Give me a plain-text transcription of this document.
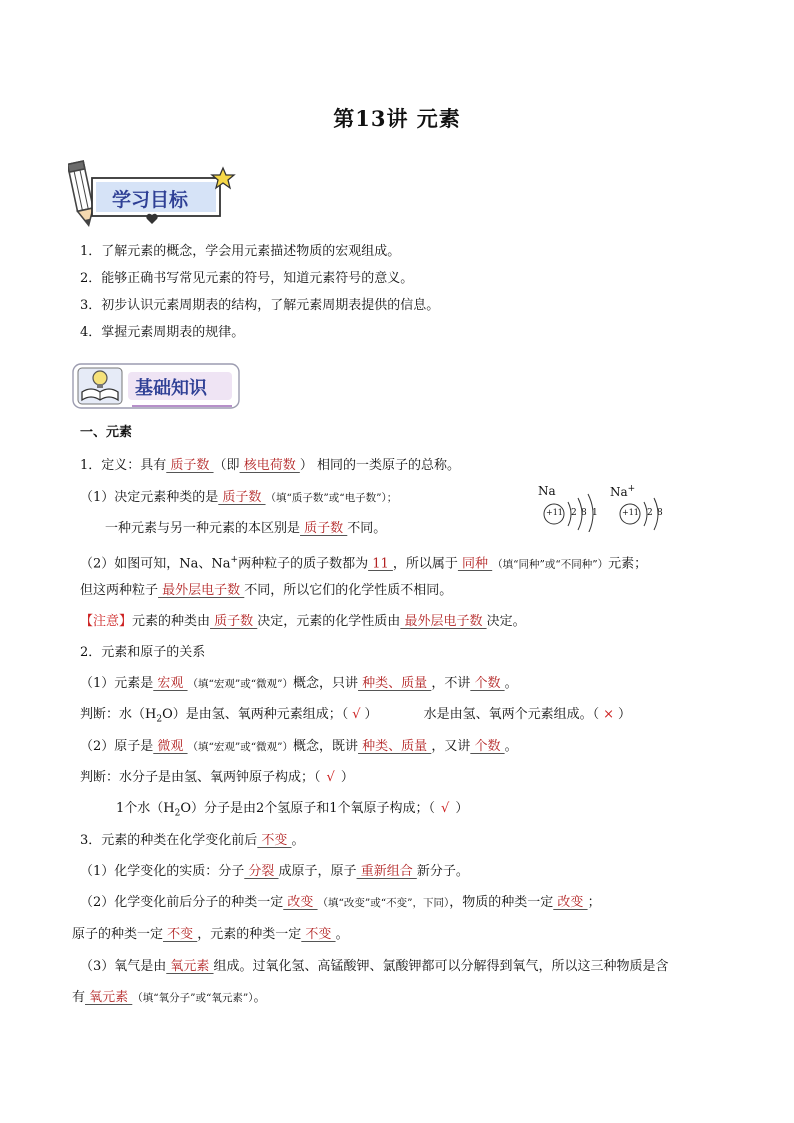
第13讲 元素
学习目标
1．了解元素的概念，学会用元素描述物质的宏观组成。
2．能够正确书写常见元素的符号，知道元素符号的意义。
3．初步认识元素周期表的结构，了解元素周期表提供的信息。
4．掌握元素周期表的规律。
基础知识
一、元素
1．定义：具有 质子数 （即 核电荷数 ） 相同的一类原子的总称。
（1）决定元素种类的是 质子数 （填“质子数”或“电子数”）；
一种元素与另一种元素的本区别是 质子数 不同。
Na	Na+
+11 2 8 1	+11 2 8
（2）如图可知，Na、Na+两种粒子的质子数都为 11 ，所以属于 同种 （填“同种”或“不同种”）元素；
但这两种粒子 最外层电子数 不同，所以它们的化学性质不相同。
【注意】元素的种类由 质子数 决定，元素的化学性质由 最外层电子数 决定。
2．元素和原子的关系
（1）元素是 宏观 （填“宏观”或“微观”）概念，只讲 种类、质量 ，不讲 个数 。
判断：水$(H_2O)$是由氢、氧两种元素组成；（ √ ）	水是由氢、氧两个元素组成。（ × ）
（2）原子是 微观 （填“宏观”或“微观”）概念，既讲 种类、质量 ，又讲 个数 。
判断：水分子是由氢、氧两钟原子构成；（ √ ）
1个水$(H_2O)$分子是由2个氢原子和1个氧原子构成；（ √ ）
3．元素的种类在化学变化前后 不变 。
（1）化学变化的实质：分子 分裂 成原子，原子 重新组合 新分子。
（2）化学变化前后分子的种类一定 改变 （填“改变”或“不变”，下同），物质的种类一定 改变 ；
原子的种类一定 不变 ，元素的种类一定 不变 。
（3）氧气是由 氧元素 组成。过氧化氢、高锰酸钾、氯酸钾都可以分解得到氧气，所以这三种物质是含
有 氧元素 （填“氧分子”或“氧元素”）。
